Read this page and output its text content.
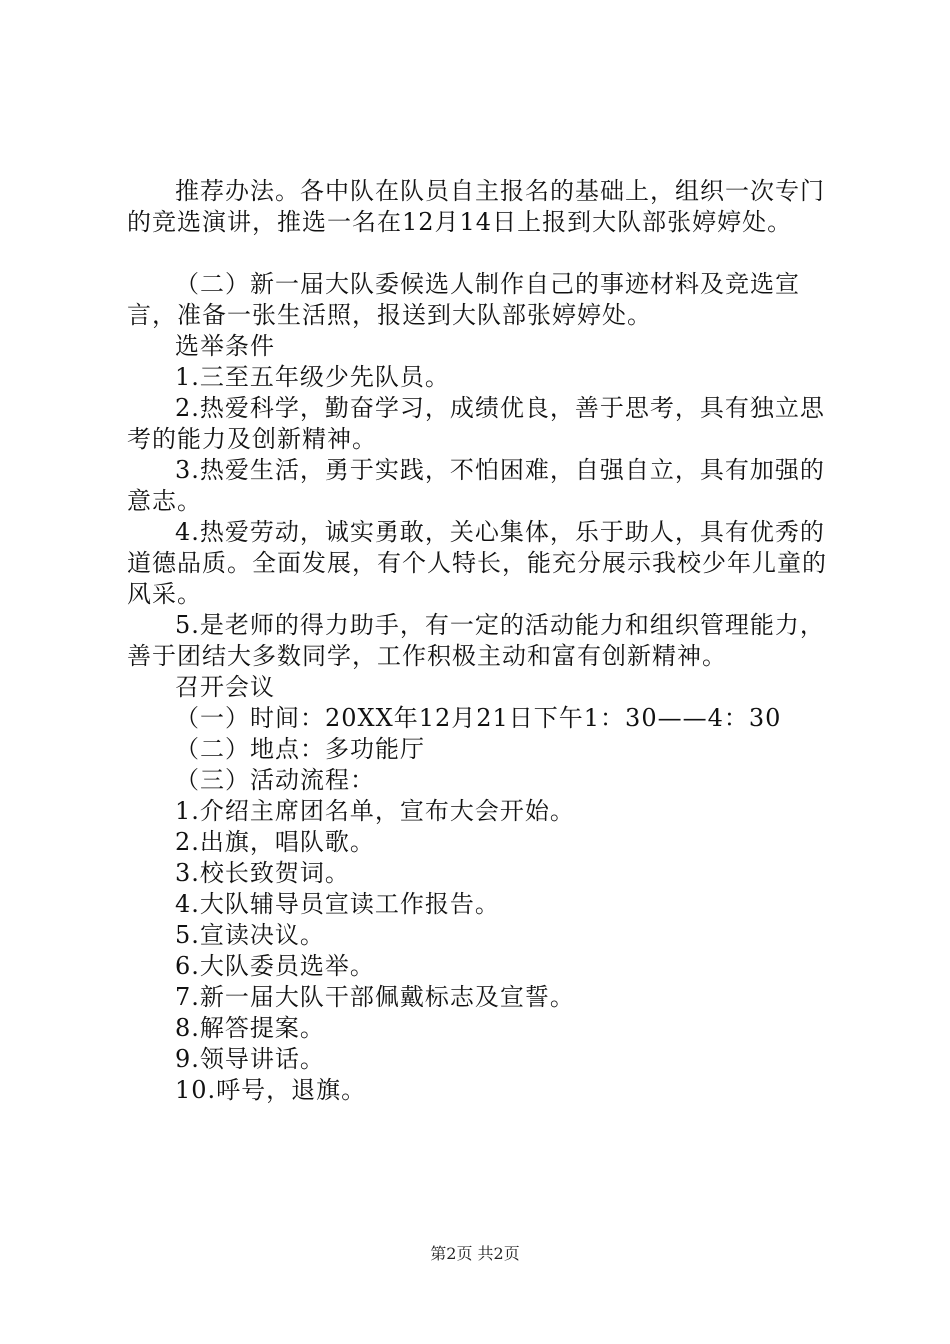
推荐办法。各中队在队员自主报名的基础上，组织一次专门的竞选演讲，推选一名在12月14日上报到大队部张婷婷处。

（二）新一届大队委候选人制作自己的事迹材料及竞选宣言，准备一张生活照，报送到大队部张婷婷处。

选举条件

1.三至五年级少先队员。

2.热爱科学，勤奋学习，成绩优良，善于思考，具有独立思考的能力及创新精神。

3.热爱生活，勇于实践，不怕困难，自强自立，具有加强的意志。

4.热爱劳动，诚实勇敢，关心集体，乐于助人，具有优秀的道德品质。全面发展，有个人特长，能充分展示我校少年儿童的风采。

5.是老师的得力助手，有一定的活动能力和组织管理能力，善于团结大多数同学，工作积极主动和富有创新精神。

召开会议

（一）时间：20XX年12月21日下午1：30——4：30

（二）地点：多功能厅

（三）活动流程：

1.介绍主席团名单，宣布大会开始。

2.出旗，唱队歌。

3.校长致贺词。

4.大队辅导员宣读工作报告。

5.宣读决议。

6.大队委员选举。

7.新一届大队干部佩戴标志及宣誓。

8.解答提案。

9.领导讲话。

10.呼号，退旗。

第2页 共2页
